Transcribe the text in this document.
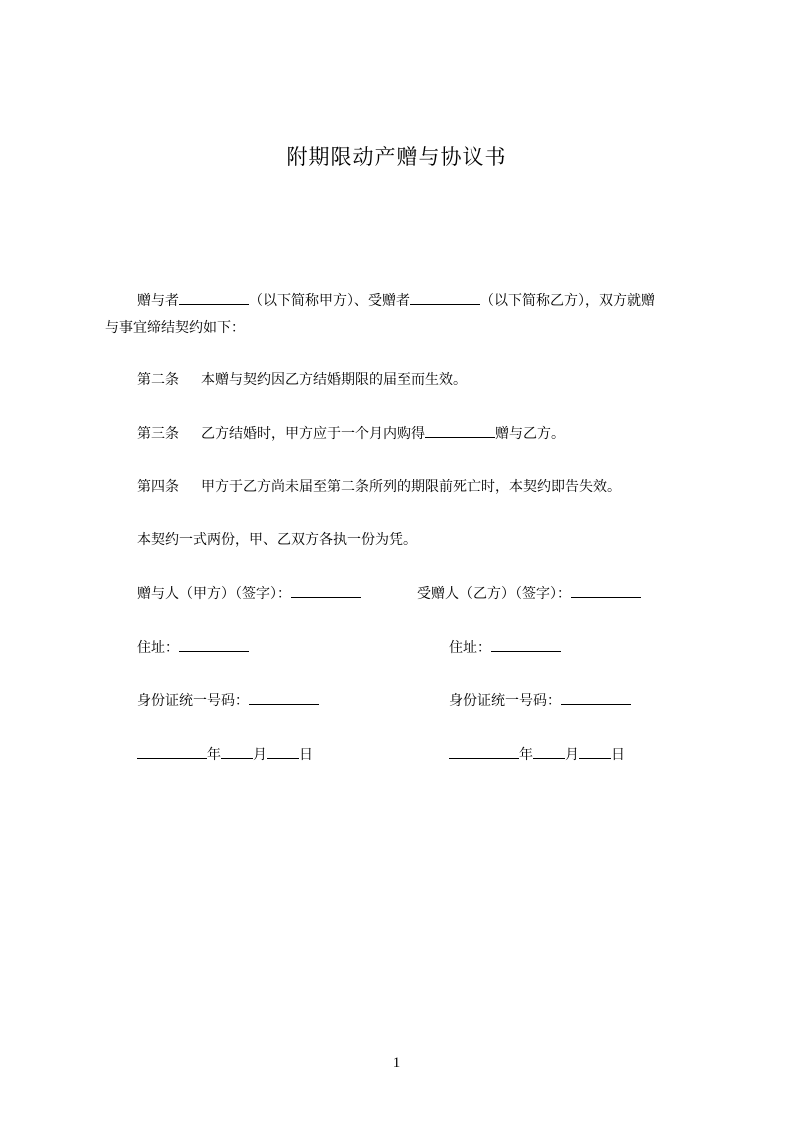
附期限动产赠与协议书
赠与者	（以下简称甲方）、受赠者	（以下简称乙方），双方就赠
与事宜缔结契约如下：
第二条 本赠与契约因乙方结婚期限的届至而生效。
第三条 乙方结婚时，甲方应于一个月内购得	赠与乙方。
第四条 甲方于乙方尚未届至第二条所列的期限前死亡时，本契约即告失效。
本契约一式两份，甲、乙双方各执一份为凭。
赠与人（甲方）（签字）：	受赠人（乙方）（签字）：
住址：	住址：
身份证统一号码：	身份证统一号码：
年 月 日	年 月 日
1
